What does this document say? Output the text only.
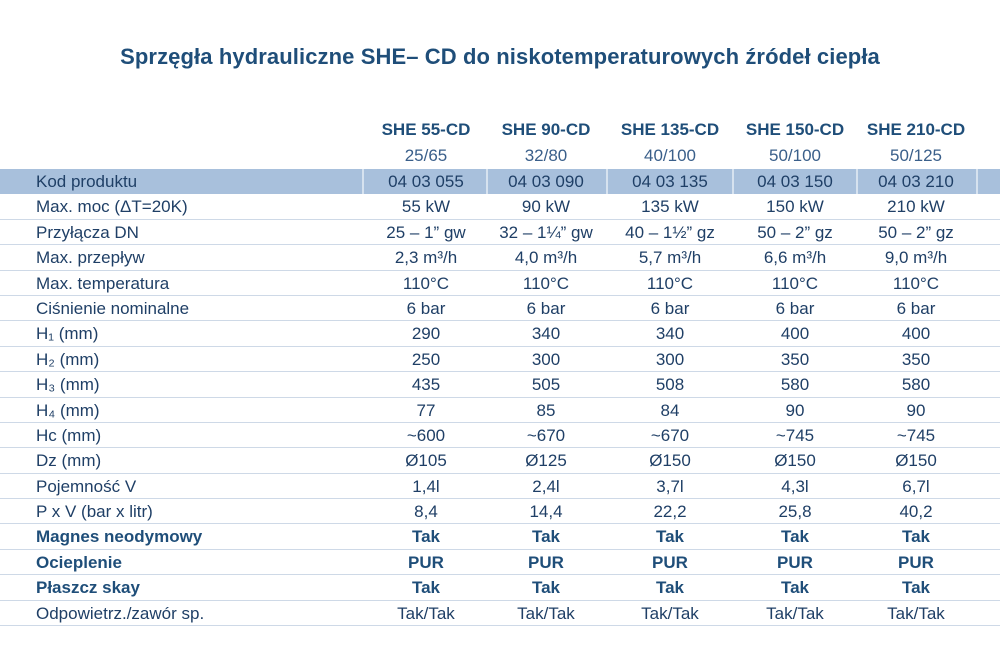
Sprzęgła hydrauliczne SHE– CD do niskotemperaturowych źródeł ciepła
SHE 55-CD	SHE 90-CD	SHE 135-CD	SHE 150-CD	SHE 210-CD
25/65	32/80	40/100	50/100	50/125
Kod produktu	04 03 055	04 03 090	04 03 135	04 03 150	04 03 210
Max. moc (ΔT=20K)	55 kW	90 kW	135 kW	150 kW	210 kW
Przyłącza DN	25 – 1” gw	32 – 1¼” gw	40 – 1½” gz	50 – 2” gz	50 – 2” gz
Max. przepływ	2,3 m³/h	4,0 m³/h	5,7 m³/h	6,6 m³/h	9,0 m³/h
Max. temperatura	110°C	110°C	110°C	110°C	110°C
Ciśnienie nominalne	6 bar	6 bar	6 bar	6 bar	6 bar
H₁ (mm)	290	340	340	400	400
H₂ (mm)	250	300	300	350	350
H₃ (mm)	435	505	508	580	580
H₄ (mm)	77	85	84	90	90
Hc (mm)	~600	~670	~670	~745	~745
Dz (mm)	Ø105	Ø125	Ø150	Ø150	Ø150
Pojemność V	1,4l	2,4l	3,7l	4,3l	6,7l
P x V (bar x litr)	8,4	14,4	22,2	25,8	40,2
Magnes neodymowy	Tak	Tak	Tak	Tak	Tak
Ocieplenie	PUR	PUR	PUR	PUR	PUR
Płaszcz skay	Tak	Tak	Tak	Tak	Tak
Odpowietrz./zawór sp.	Tak/Tak	Tak/Tak	Tak/Tak	Tak/Tak	Tak/Tak
